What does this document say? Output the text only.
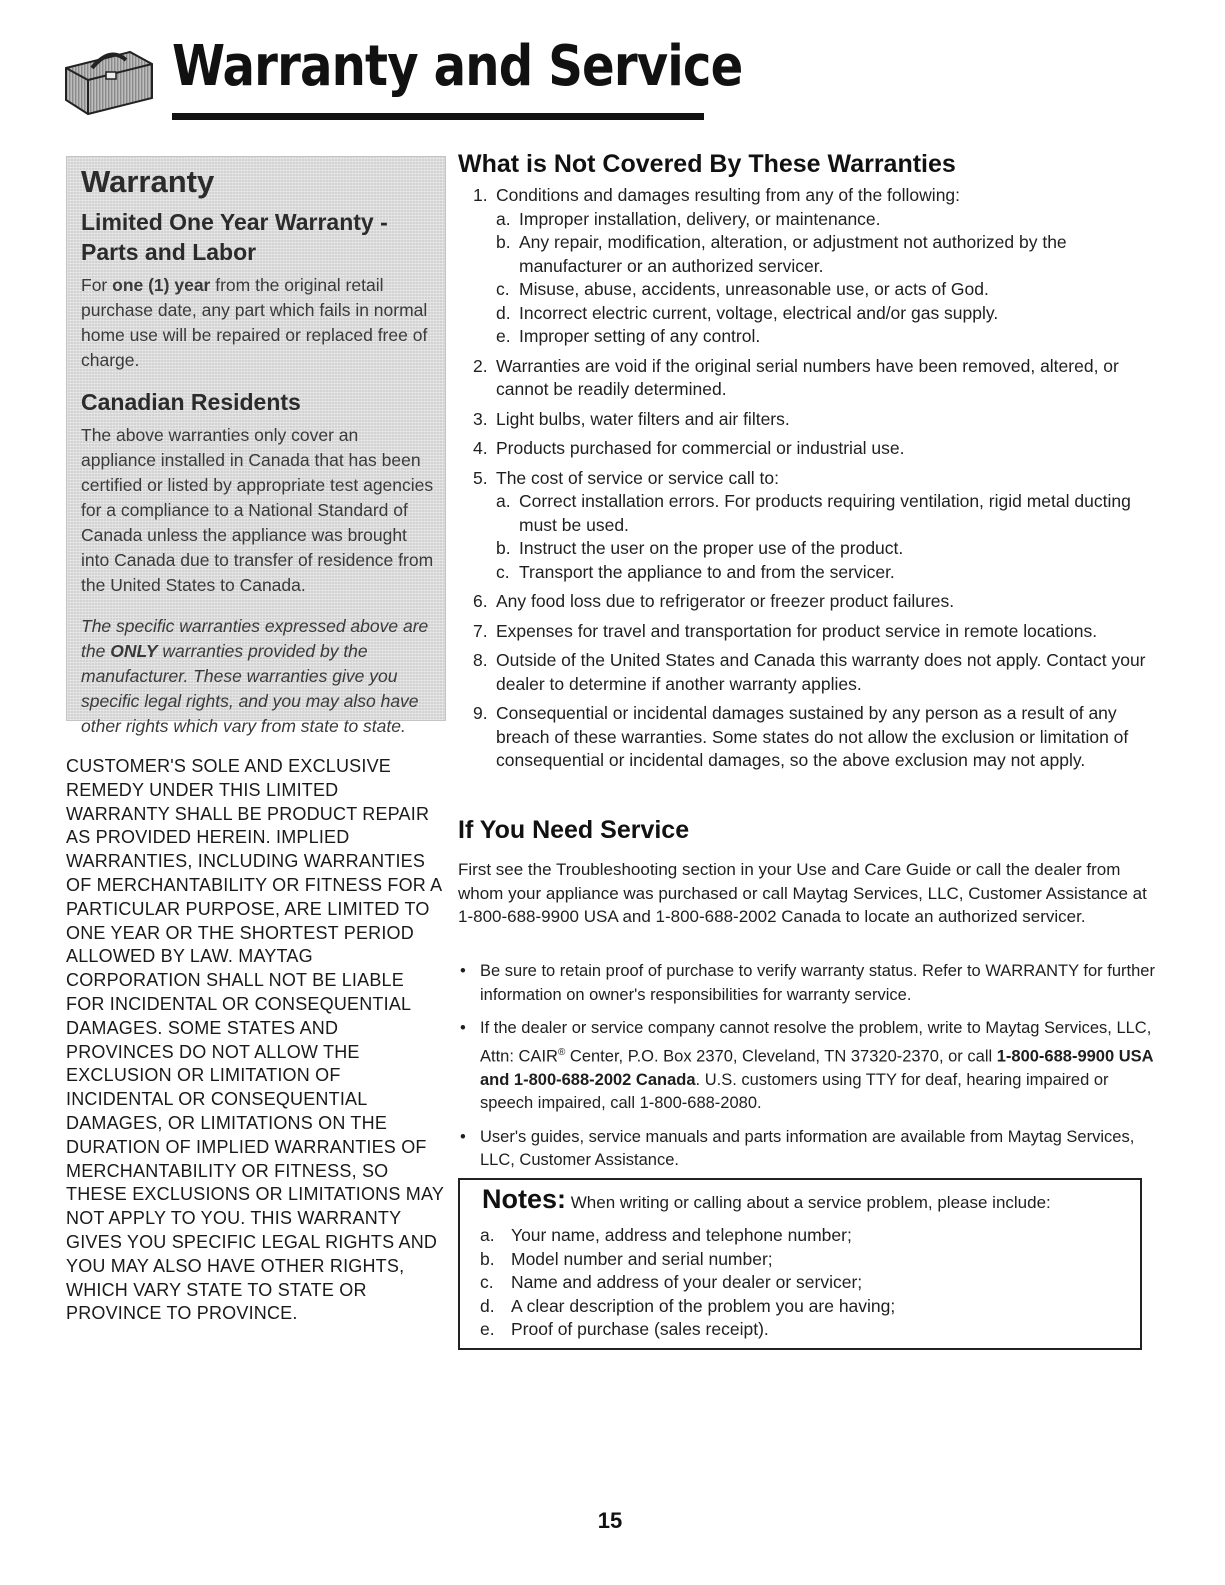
Warranty and Service
Warranty
Limited One Year Warranty - Parts and Labor

For one (1) year from the original retail purchase date, any part which fails in normal home use will be repaired or replaced free of charge.

Canadian Residents

The above warranties only cover an appliance installed in Canada that has been certified or listed by appropriate test agencies for a compliance to a National Standard of Canada unless the appliance was brought into Canada due to transfer of residence from the United States to Canada.

The specific warranties expressed above are the ONLY warranties provided by the manufacturer. These warranties give you specific legal rights, and you may also have other rights which vary from state to state.

CUSTOMER'S SOLE AND EXCLUSIVE REMEDY UNDER THIS LIMITED WARRANTY SHALL BE PRODUCT REPAIR AS PROVIDED HEREIN. IMPLIED WARRANTIES, INCLUDING WARRANTIES OF MERCHANTABILITY OR FITNESS FOR A PARTICULAR PURPOSE, ARE LIMITED TO ONE YEAR OR THE SHORTEST PERIOD ALLOWED BY LAW. MAYTAG CORPORATION SHALL NOT BE LIABLE FOR INCIDENTAL OR CONSEQUENTIAL DAMAGES. SOME STATES AND PROVINCES DO NOT ALLOW THE EXCLUSION OR LIMITATION OF INCIDENTAL OR CONSEQUENTIAL DAMAGES, OR LIMITATIONS ON THE DURATION OF IMPLIED WARRANTIES OF MERCHANTABILITY OR FITNESS, SO THESE EXCLUSIONS OR LIMITATIONS MAY NOT APPLY TO YOU. THIS WARRANTY GIVES YOU SPECIFIC LEGAL RIGHTS AND YOU MAY ALSO HAVE OTHER RIGHTS, WHICH VARY STATE TO STATE OR PROVINCE TO PROVINCE.

What is Not Covered By These Warranties
1. Conditions and damages resulting from any of the following:
a. Improper installation, delivery, or maintenance.
b. Any repair, modification, alteration, or adjustment not authorized by the manufacturer or an authorized servicer.
c. Misuse, abuse, accidents, unreasonable use, or acts of God.
d. Incorrect electric current, voltage, electrical and/or gas supply.
e. Improper setting of any control.
2. Warranties are void if the original serial numbers have been removed, altered, or cannot be readily determined.
3. Light bulbs, water filters and air filters.
4. Products purchased for commercial or industrial use.
5. The cost of service or service call to:
a. Correct installation errors. For products requiring ventilation, rigid metal ducting must be used.
b. Instruct the user on the proper use of the product.
c. Transport the appliance to and from the servicer.
6. Any food loss due to refrigerator or freezer product failures.
7. Expenses for travel and transportation for product service in remote locations.
8. Outside of the United States and Canada this warranty does not apply. Contact your dealer to determine if another warranty applies.
9. Consequential or incidental damages sustained by any person as a result of any breach of these warranties. Some states do not allow the exclusion or limitation of consequential or incidental damages, so the above exclusion may not apply.
If You Need Service

First see the Troubleshooting section in your Use and Care Guide or call the dealer from whom your appliance was purchased or call Maytag Services, LLC, Customer Assistance at 1-800-688-9900 USA and 1-800-688-2002 Canada to locate an authorized servicer.

• Be sure to retain proof of purchase to verify warranty status. Refer to WARRANTY for further information on owner's responsibilities for warranty service.
• If the dealer or service company cannot resolve the problem, write to Maytag Services, LLC, Attn: CAIR® Center, P.O. Box 2370, Cleveland, TN 37320-2370, or call 1-800-688-9900 USA and 1-800-688-2002 Canada. U.S. customers using TTY for deaf, hearing impaired or speech impaired, call 1-800-688-2080.
• User's guides, service manuals and parts information are available from Maytag Services, LLC, Customer Assistance.
Notes: When writing or calling about a service problem, please include:
a. Your name, address and telephone number;
b. Model number and serial number;
c. Name and address of your dealer or servicer;
d. A clear description of the problem you are having;
e. Proof of purchase (sales receipt).
15
